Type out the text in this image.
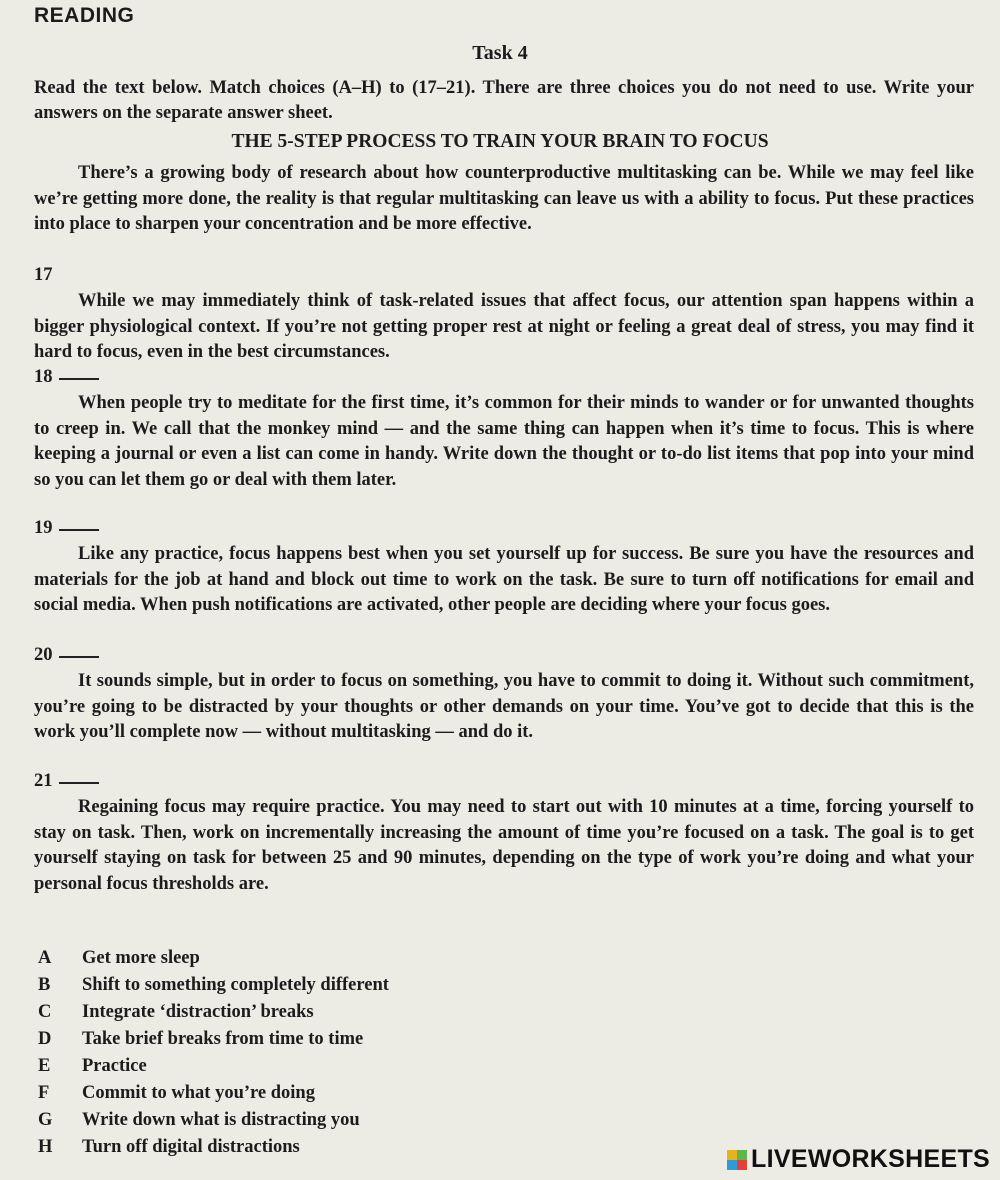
READING
Task 4
Read the text below. Match choices (A–H) to (17–21). There are three choices you do not need to use. Write your answers on the separate answer sheet.
THE 5-STEP PROCESS TO TRAIN YOUR BRAIN TO FOCUS
There’s a growing body of research about how counterproductive multitasking can be. While we may feel like we’re getting more done, the reality is that regular multitasking can leave us with a ability to focus. Put these practices into place to sharpen your concentration and be more effective.
17
While we may immediately think of task-related issues that affect focus, our attention span happens within a bigger physiological context. If you’re not getting proper rest at night or feeling a great deal of stress, you may find it hard to focus, even in the best circumstances.
18
When people try to meditate for the first time, it’s common for their minds to wander or for unwanted thoughts to creep in. We call that the monkey mind — and the same thing can happen when it’s time to focus. This is where keeping a journal or even a list can come in handy. Write down the thought or to-do list items that pop into your mind so you can let them go or deal with them later.
19
Like any practice, focus happens best when you set yourself up for success. Be sure you have the resources and materials for the job at hand and block out time to work on the task. Be sure to turn off notifications for email and social media. When push notifications are activated, other people are deciding where your focus goes.
20
It sounds simple, but in order to focus on something, you have to commit to doing it. Without such commitment, you’re going to be distracted by your thoughts or other demands on your time. You’ve got to decide that this is the work you’ll complete now — without multitasking — and do it.
21
Regaining focus may require practice. You may need to start out with 10 minutes at a time, forcing yourself to stay on task. Then, work on incrementally increasing the amount of time you’re focused on a task. The goal is to get yourself staying on task for between 25 and 90 minutes, depending on the type of work you’re doing and what your personal focus thresholds are.
A	Get more sleep
B	Shift to something completely different
C	Integrate ‘distraction’ breaks
D	Take brief breaks from time to time
E	Practice
F	Commit to what you’re doing
G	Write down what is distracting you
H	Turn off digital distractions	LIVEWORKSHEETS
